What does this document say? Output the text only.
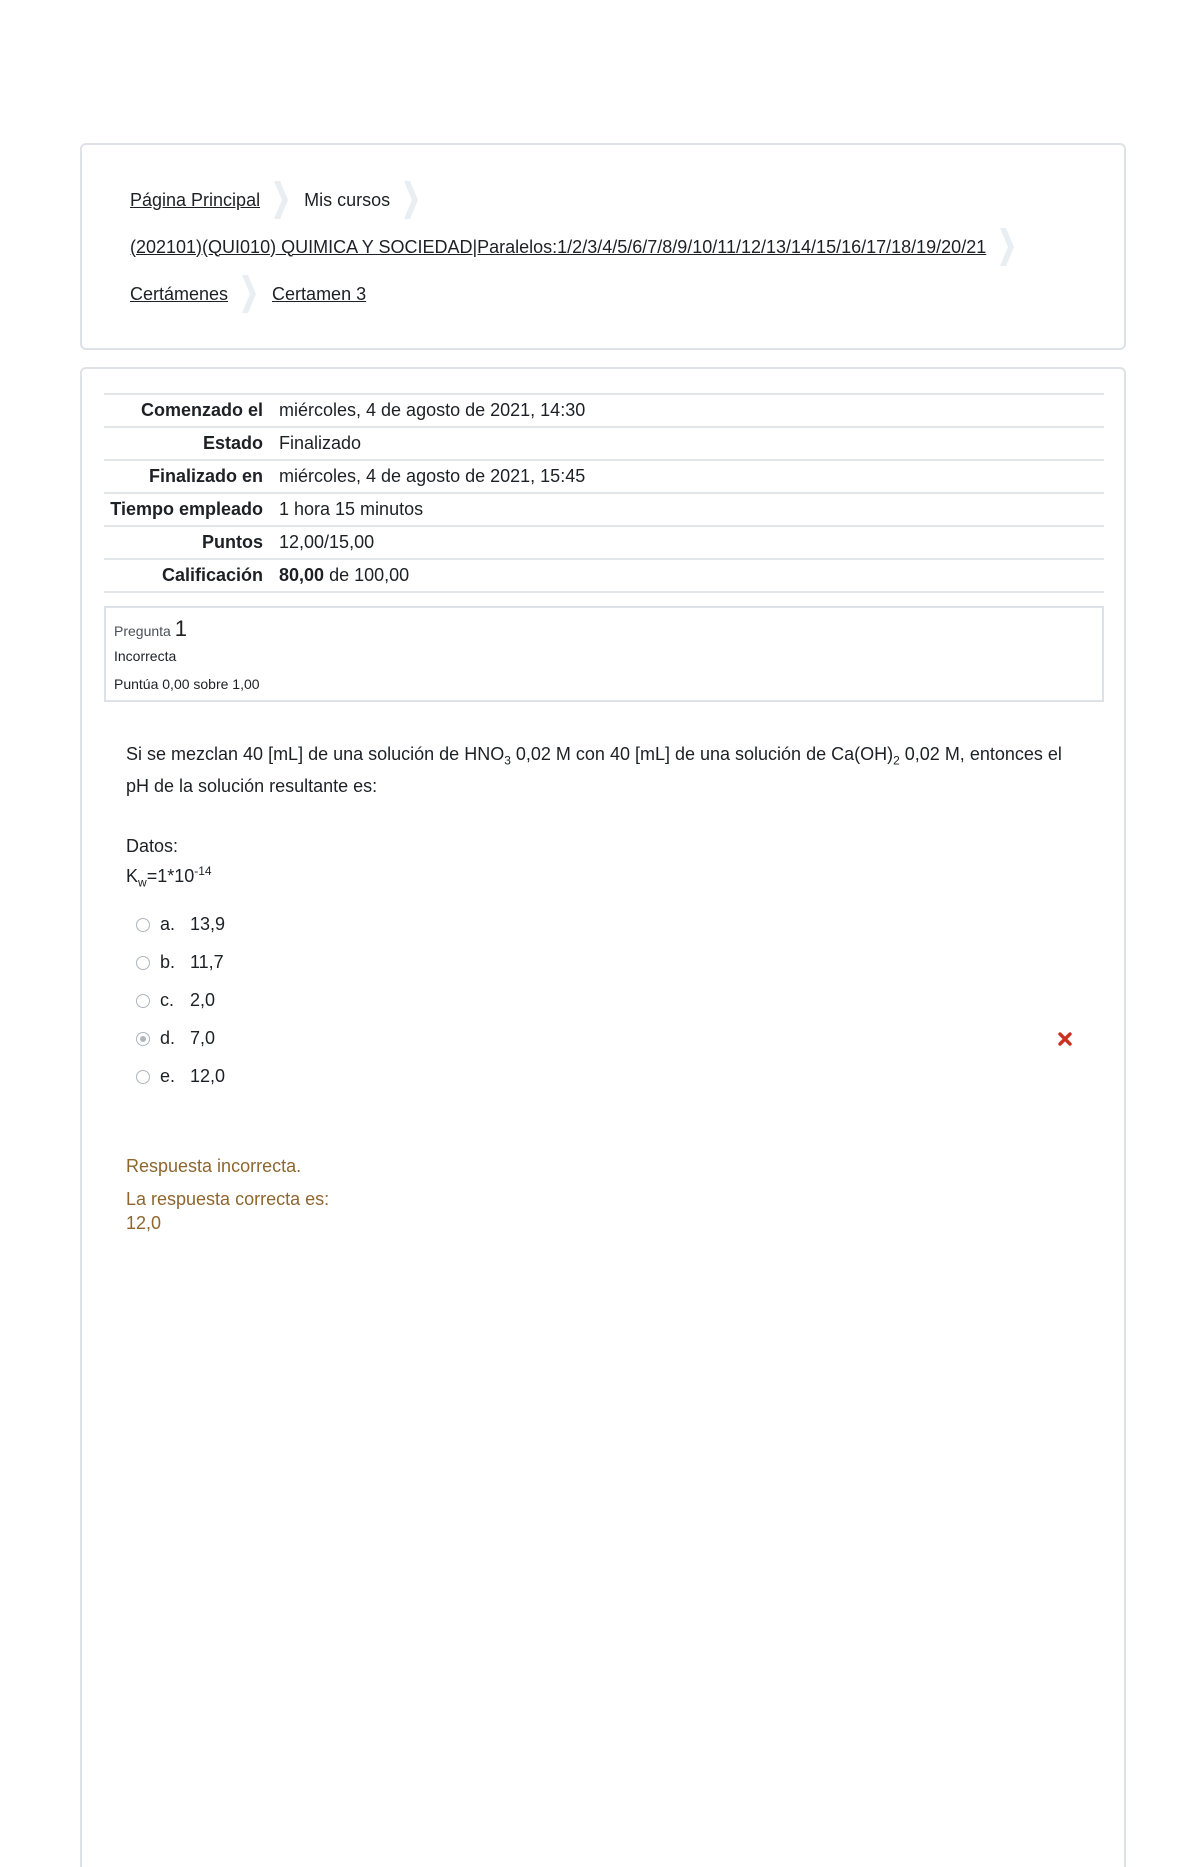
Página Principal Mis cursos
(202101)(QUI010) QUIMICA Y SOCIEDAD|Paralelos:1/2/3/4/5/6/7/8/9/10/11/12/13/14/15/16/17/18/19/20/21
Certámenes Certamen 3
Comenzado el	miércoles, 4 de agosto de 2021, 14:30
Estado	Finalizado
Finalizado en	miércoles, 4 de agosto de 2021, 15:45
Tiempo empleado	1 hora 15 minutos
Puntos	12,00/15,00
Calificación	80,00 de 100,00
Pregunta 1
Incorrecta
Puntúa 0,00 sobre 1,00
Si se mezclan 40 [mL] de una solución de $HNO_3$ 0,02 M con 40 [mL] de una solución de $Ca(OH)_2$ 0,02 M, entonces el pH de la solución resultante es:
Datos:
$K_w=1*10^{-14}$
a. 13,9
b. 11,7
c. 2,0
d. 7,0
e. 12,0
Respuesta incorrecta.
La respuesta correcta es:
12,0
